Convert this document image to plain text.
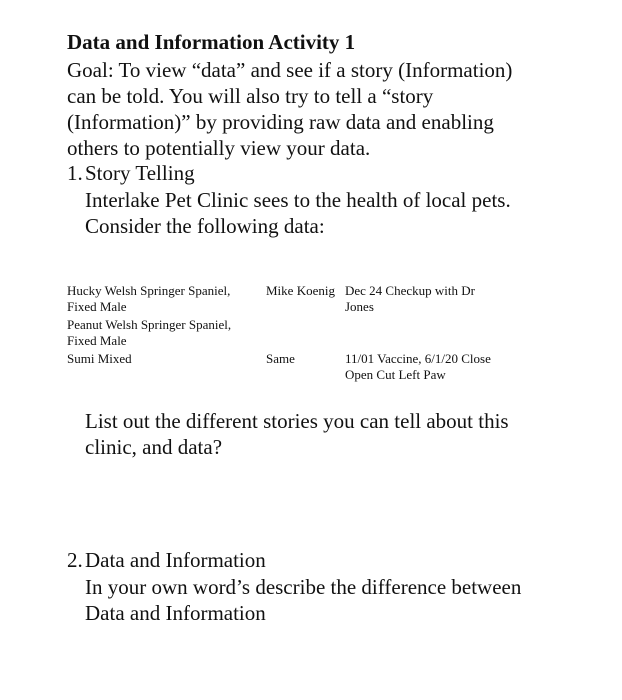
Data and Information Activity 1
Goal: To view “data” and see if a story (Information)
can be told. You will also try to tell a “story
(Information)” by providing raw data and enabling
others to potentially view your data.
1. Story Telling
Interlake Pet Clinic sees to the health of local pets.
Consider the following data:
Hucky Welsh Springer Spaniel,
Fixed Male
Mike Koenig Dec 24 Checkup with Dr
Jones
Peanut Welsh Springer Spaniel,
Fixed Male
Sumi Mixed	Same	11/01 Vaccine, 6/1/20 Close
Open Cut Left Paw
List out the different stories you can tell about this
clinic, and data?
2. Data and Information
In your own word’s describe the difference between
Data and Information
